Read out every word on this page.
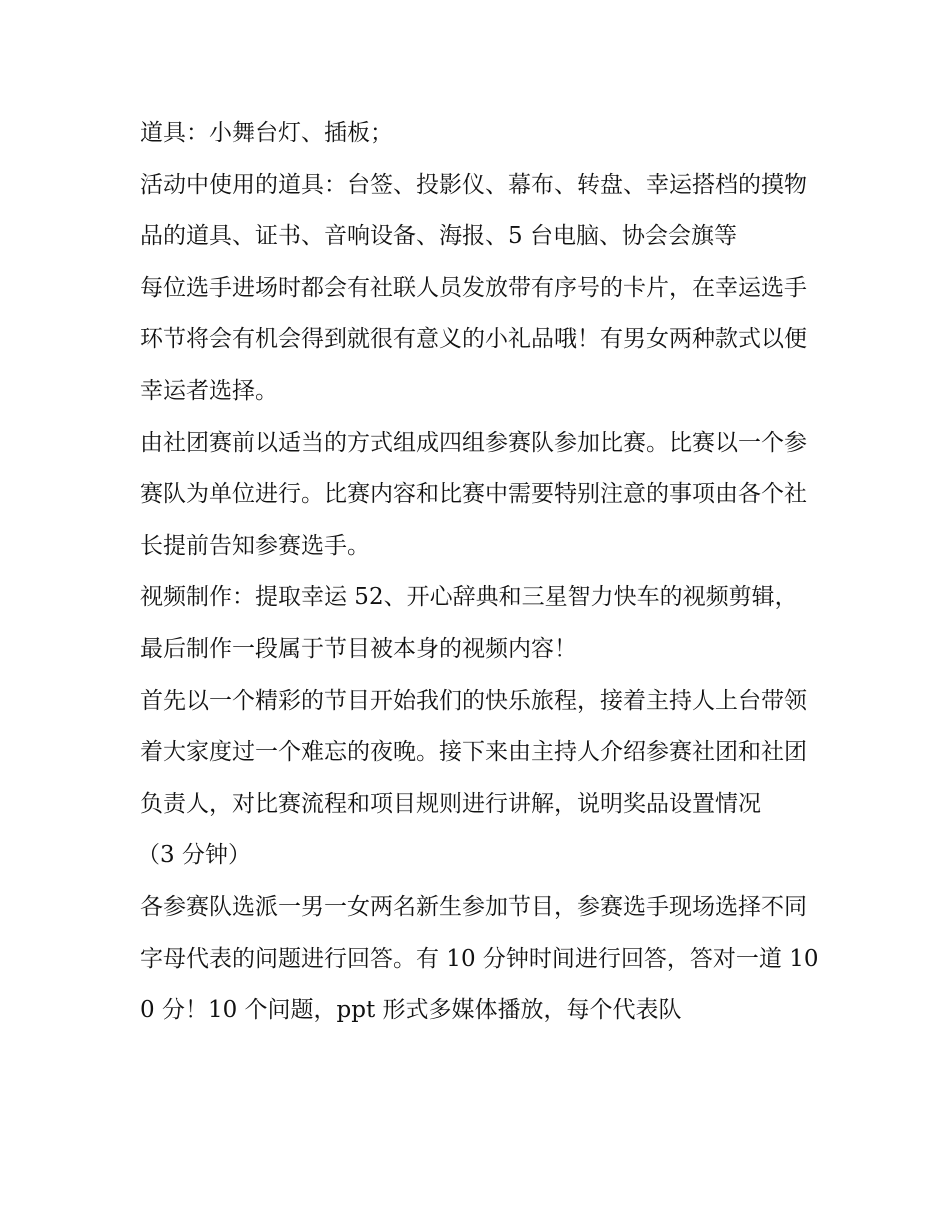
道具：小舞台灯、插板；

活动中使用的道具：台签、投影仪、幕布、转盘、幸运搭档的摸物品的道具、证书、音响设备、海报、5 台电脑、协会会旗等

每位选手进场时都会有社联人员发放带有序号的卡片，在幸运选手环节将会有机会得到就很有意义的小礼品哦！有男女两种款式以便幸运者选择。

由社团赛前以适当的方式组成四组参赛队参加比赛。比赛以一个参赛队为单位进行。比赛内容和比赛中需要特别注意的事项由各个社长提前告知参赛选手。

视频制作：提取幸运 52、开心辞典和三星智力快车的视频剪辑，最后制作一段属于节目被本身的视频内容！

首先以一个精彩的节目开始我们的快乐旅程，接着主持人上台带领着大家度过一个难忘的夜晚。接下来由主持人介绍参赛社团和社团负责人，对比赛流程和项目规则进行讲解，说明奖品设置情况

（3 分钟）

各参赛队选派一男一女两名新生参加节目，参赛选手现场选择不同字母代表的问题进行回答。有 10 分钟时间进行回答，答对一道 100 分！10 个问题，ppt 形式多媒体播放，每个代表队
